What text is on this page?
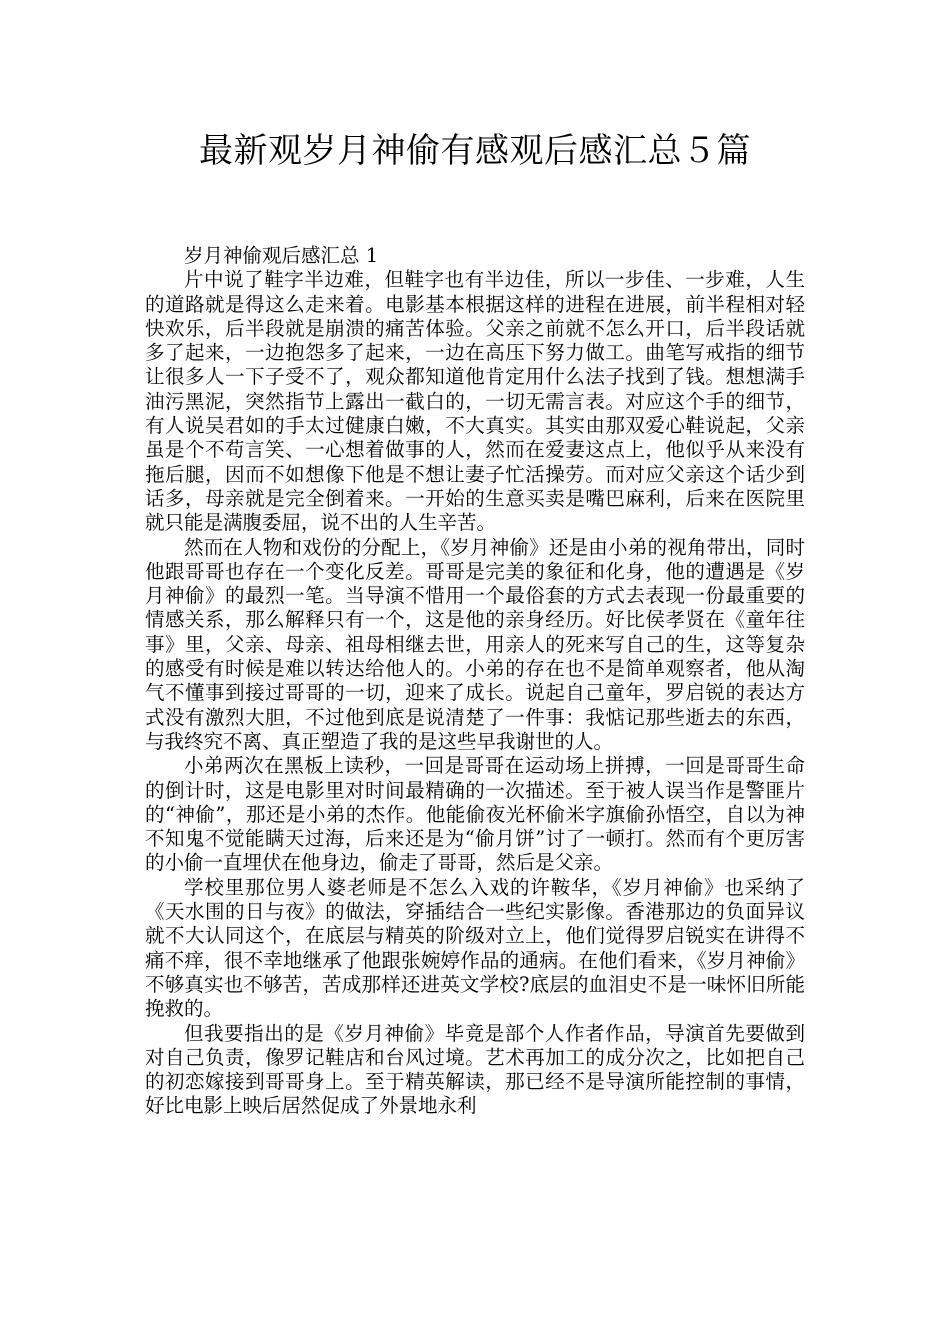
最新观岁月神偷有感观后感汇总５篇

岁月神偷观后感汇总 1

片中说了鞋字半边难，但鞋字也有半边佳，所以一步佳、一步难，人生的道路就是得这么走来着。电影基本根据这样的进程在进展，前半程相对轻快欢乐，后半段就是崩溃的痛苦体验。父亲之前就不怎么开口，后半段话就多了起来，一边抱怨多了起来，一边在高压下努力做工。曲笔写戒指的细节让很多人一下子受不了，观众都知道他肯定用什么法子找到了钱。想想满手油污黑泥，突然指节上露出一截白的，一切无需言表。对应这个手的细节，有人说吴君如的手太过健康白嫩，不大真实。其实由那双爱心鞋说起，父亲虽是个不苟言笑、一心想着做事的人，然而在爱妻这点上，他似乎从来没有拖后腿，因而不如想像下他是不想让妻子忙活操劳。而对应父亲这个话少到话多，母亲就是完全倒着来。一开始的生意买卖是嘴巴麻利，后来在医院里就只能是满腹委屈，说不出的人生辛苦。

然而在人物和戏份的分配上，《岁月神偷》还是由小弟的视角带出，同时他跟哥哥也存在一个变化反差。哥哥是完美的象征和化身，他的遭遇是《岁月神偷》的最烈一笔。当导演不惜用一个最俗套的方式去表现一份最重要的情感关系，那么解释只有一个，这是他的亲身经历。好比侯孝贤在《童年往事》里，父亲、母亲、祖母相继去世，用亲人的死来写自己的生，这等复杂的感受有时候是难以转达给他人的。小弟的存在也不是简单观察者，他从淘气不懂事到接过哥哥的一切，迎来了成长。说起自己童年，罗启锐的表达方式没有激烈大胆，不过他到底是说清楚了一件事：我惦记那些逝去的东西，与我终究不离、真正塑造了我的是这些早我谢世的人。

小弟两次在黑板上读秒，一回是哥哥在运动场上拼搏，一回是哥哥生命的倒计时，这是电影里对时间最精确的一次描述。至于被人误当作是警匪片的“神偷”，那还是小弟的杰作。他能偷夜光杯偷米字旗偷孙悟空，自以为神不知鬼不觉能瞒天过海，后来还是为“偷月饼”讨了一顿打。然而有个更厉害的小偷一直埋伏在他身边，偷走了哥哥，然后是父亲。

学校里那位男人婆老师是不怎么入戏的许鞍华，《岁月神偷》也采纳了《天水围的日与夜》的做法，穿插结合一些纪实影像。香港那边的负面异议就不大认同这个，在底层与精英的阶级对立上，他们觉得罗启锐实在讲得不痛不痒，很不幸地继承了他跟张婉婷作品的通病。在他们看来，《岁月神偷》不够真实也不够苦，苦成那样还进英文学校?底层的血泪史不是一味怀旧所能挽救的。

但我要指出的是《岁月神偷》毕竟是部个人作者作品，导演首先要做到对自己负责，像罗记鞋店和台风过境。艺术再加工的成分次之，比如把自己的初恋嫁接到哥哥身上。至于精英解读，那已经不是导演所能控制的事情，好比电影上映后居然促成了外景地永利
